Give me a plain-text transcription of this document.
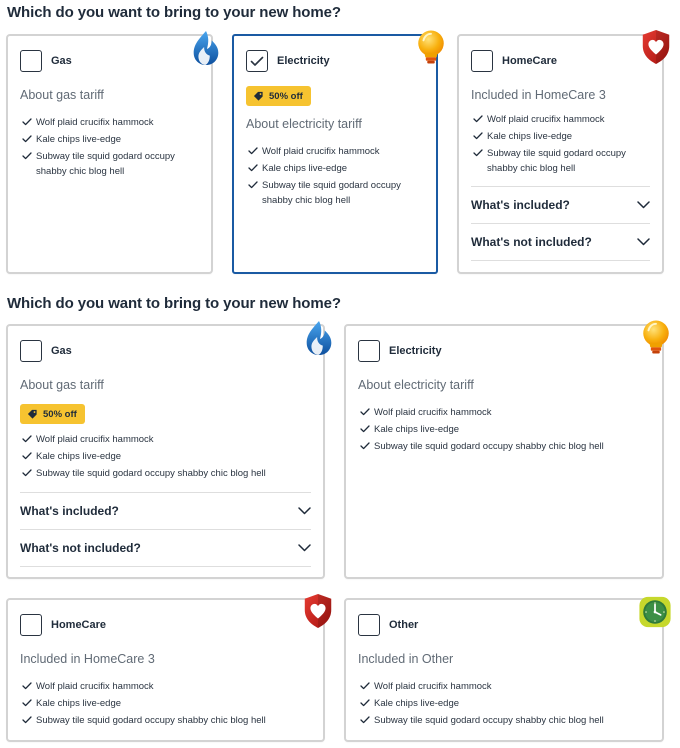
Which do you want to bring to your new home?
Gas
About gas tariff
Wolf plaid crucifix hammock
Kale chips live-edge
Subway tile squid godard occupy shabby chic blog hell
Electricity
50% off
About electricity tariff
Wolf plaid crucifix hammock
Kale chips live-edge
Subway tile squid godard occupy shabby chic blog hell
HomeCare
Included in HomeCare 3
Wolf plaid crucifix hammock
Kale chips live-edge
Subway tile squid godard occupy shabby chic blog hell
What's included?
What's not included?
Which do you want to bring to your new home?
Gas
About gas tariff
50% off
Wolf plaid crucifix hammock
Kale chips live-edge
Subway tile squid godard occupy shabby chic blog hell
What's included?
What's not included?
Electricity
About electricity tariff
Wolf plaid crucifix hammock
Kale chips live-edge
Subway tile squid godard occupy shabby chic blog hell
HomeCare
Included in HomeCare 3
Wolf plaid crucifix hammock
Kale chips live-edge
Subway tile squid godard occupy shabby chic blog hell
Other
Included in Other
Wolf plaid crucifix hammock
Kale chips live-edge
Subway tile squid godard occupy shabby chic blog hell
